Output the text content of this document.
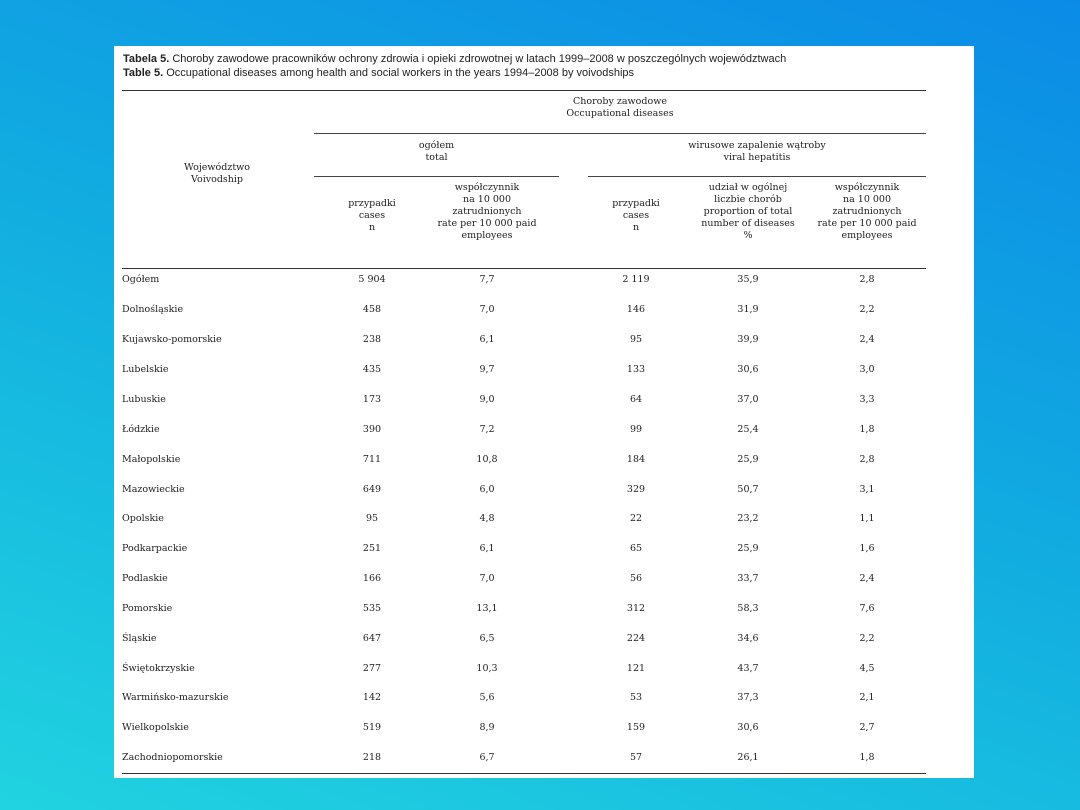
Tabela 5. Choroby zawodowe pracowników ochrony zdrowia i opieki zdrowotnej w latach 1999–2008 w poszczególnych województwach
Table 5. Occupational diseases among health and social workers in the years 1994–2008 by voivodships
Choroby zawodowe
Occupational diseases
Województwo
Voivodship
ogółem
total
wirusowe zapalenie wątroby
viral hepatitis
przypadki
cases
n
współczynnik
na 10 000
zatrudnionych
rate per 10 000 paid
employees
przypadki
cases
n
udział w ogólnej
liczbie chorób
proportion of total
number of diseases
%
współczynnik
na 10 000
zatrudnionych
rate per 10 000 paid
employees
Ogółem	5 904	7,7	2 119	35,9	2,8
Dolnośląskie	458	7,0	146	31,9	2,2
Kujawsko-pomorskie	238	6,1	95	39,9	2,4
Lubelskie	435	9,7	133	30,6	3,0
Lubuskie	173	9,0	64	37,0	3,3
Łódzkie	390	7,2	99	25,4	1,8
Małopolskie	711	10,8	184	25,9	2,8
Mazowieckie	649	6,0	329	50,7	3,1
Opolskie	95	4,8	22	23,2	1,1
Podkarpackie	251	6,1	65	25,9	1,6
Podlaskie	166	7,0	56	33,7	2,4
Pomorskie	535	13,1	312	58,3	7,6
Śląskie	647	6,5	224	34,6	2,2
Świętokrzyskie	277	10,3	121	43,7	4,5
Warmińsko-mazurskie	142	5,6	53	37,3	2,1
Wielkopolskie	519	8,9	159	30,6	2,7
Zachodniopomorskie	218	6,7	57	26,1	1,8
